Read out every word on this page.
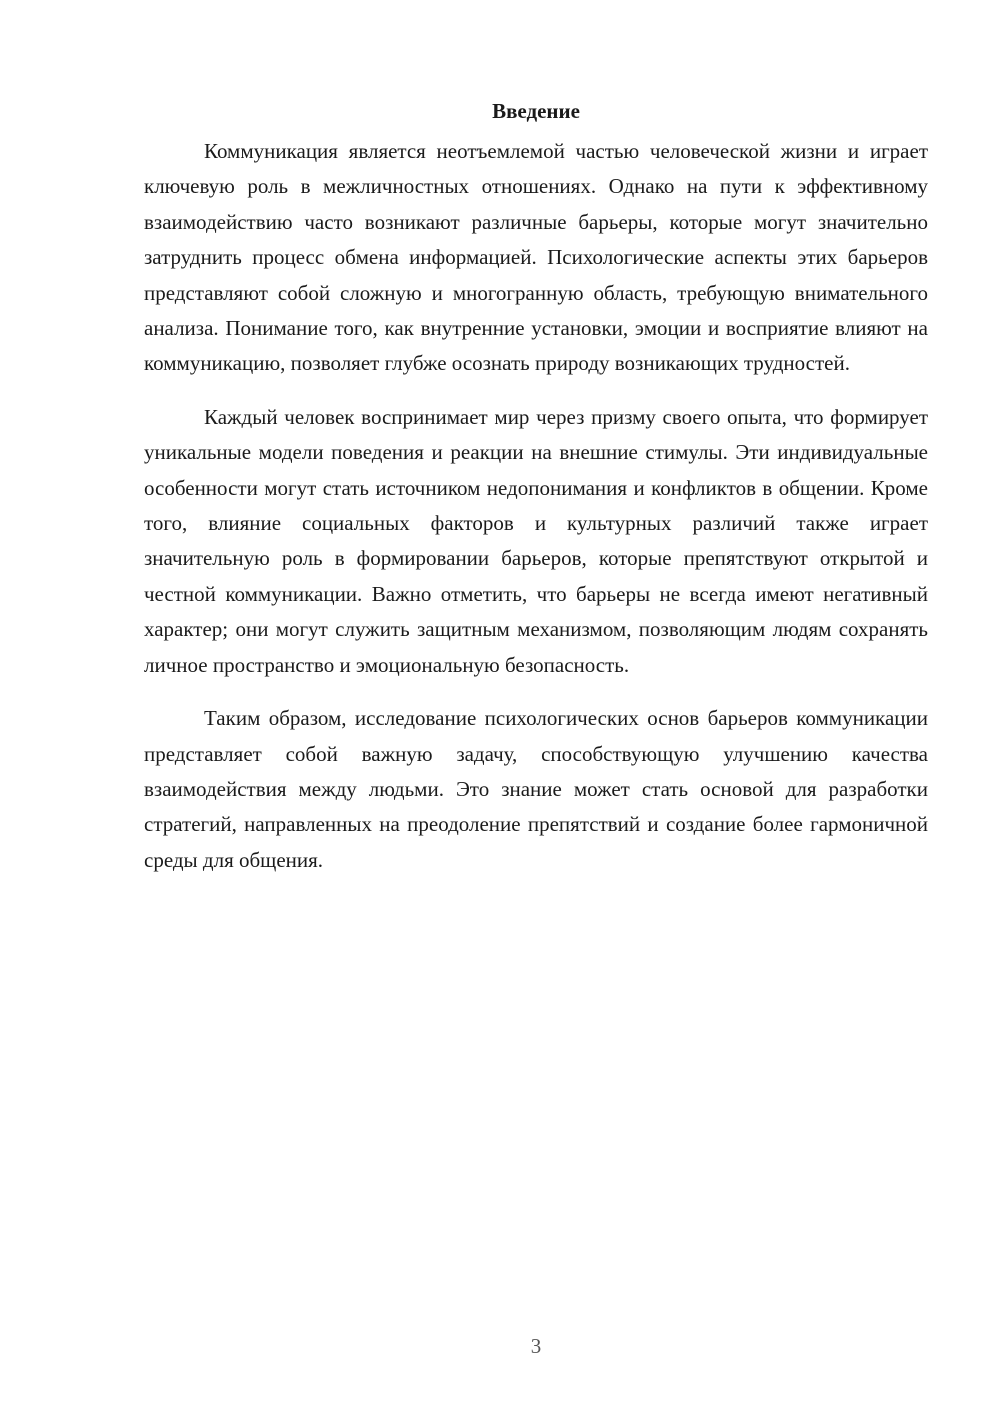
Введение

Коммуникация является неотъемлемой частью человеческой жизни и играет ключевую роль в межличностных отношениях. Однако на пути к эффективному взаимодействию часто возникают различные барьеры, которые могут значительно затруднить процесс обмена информацией. Психологические аспекты этих барьеров представляют собой сложную и многогранную область, требующую внимательного анализа. Понимание того, как внутренние установки, эмоции и восприятие влияют на коммуникацию, позволяет глубже осознать природу возникающих трудностей.

Каждый человек воспринимает мир через призму своего опыта, что формирует уникальные модели поведения и реакции на внешние стимулы. Эти индивидуальные особенности могут стать источником недопонимания и конфликтов в общении. Кроме того, влияние социальных факторов и культурных различий также играет значительную роль в формировании барьеров, которые препятствуют открытой и честной коммуникации. Важно отметить, что барьеры не всегда имеют негативный характер; они могут служить защитным механизмом, позволяющим людям сохранять личное пространство и эмоциональную безопасность.

Таким образом, исследование психологических основ барьеров коммуникации представляет собой важную задачу, способствующую улучшению качества взаимодействия между людьми. Это знание может стать основой для разработки стратегий, направленных на преодоление препятствий и создание более гармоничной среды для общения.

3
